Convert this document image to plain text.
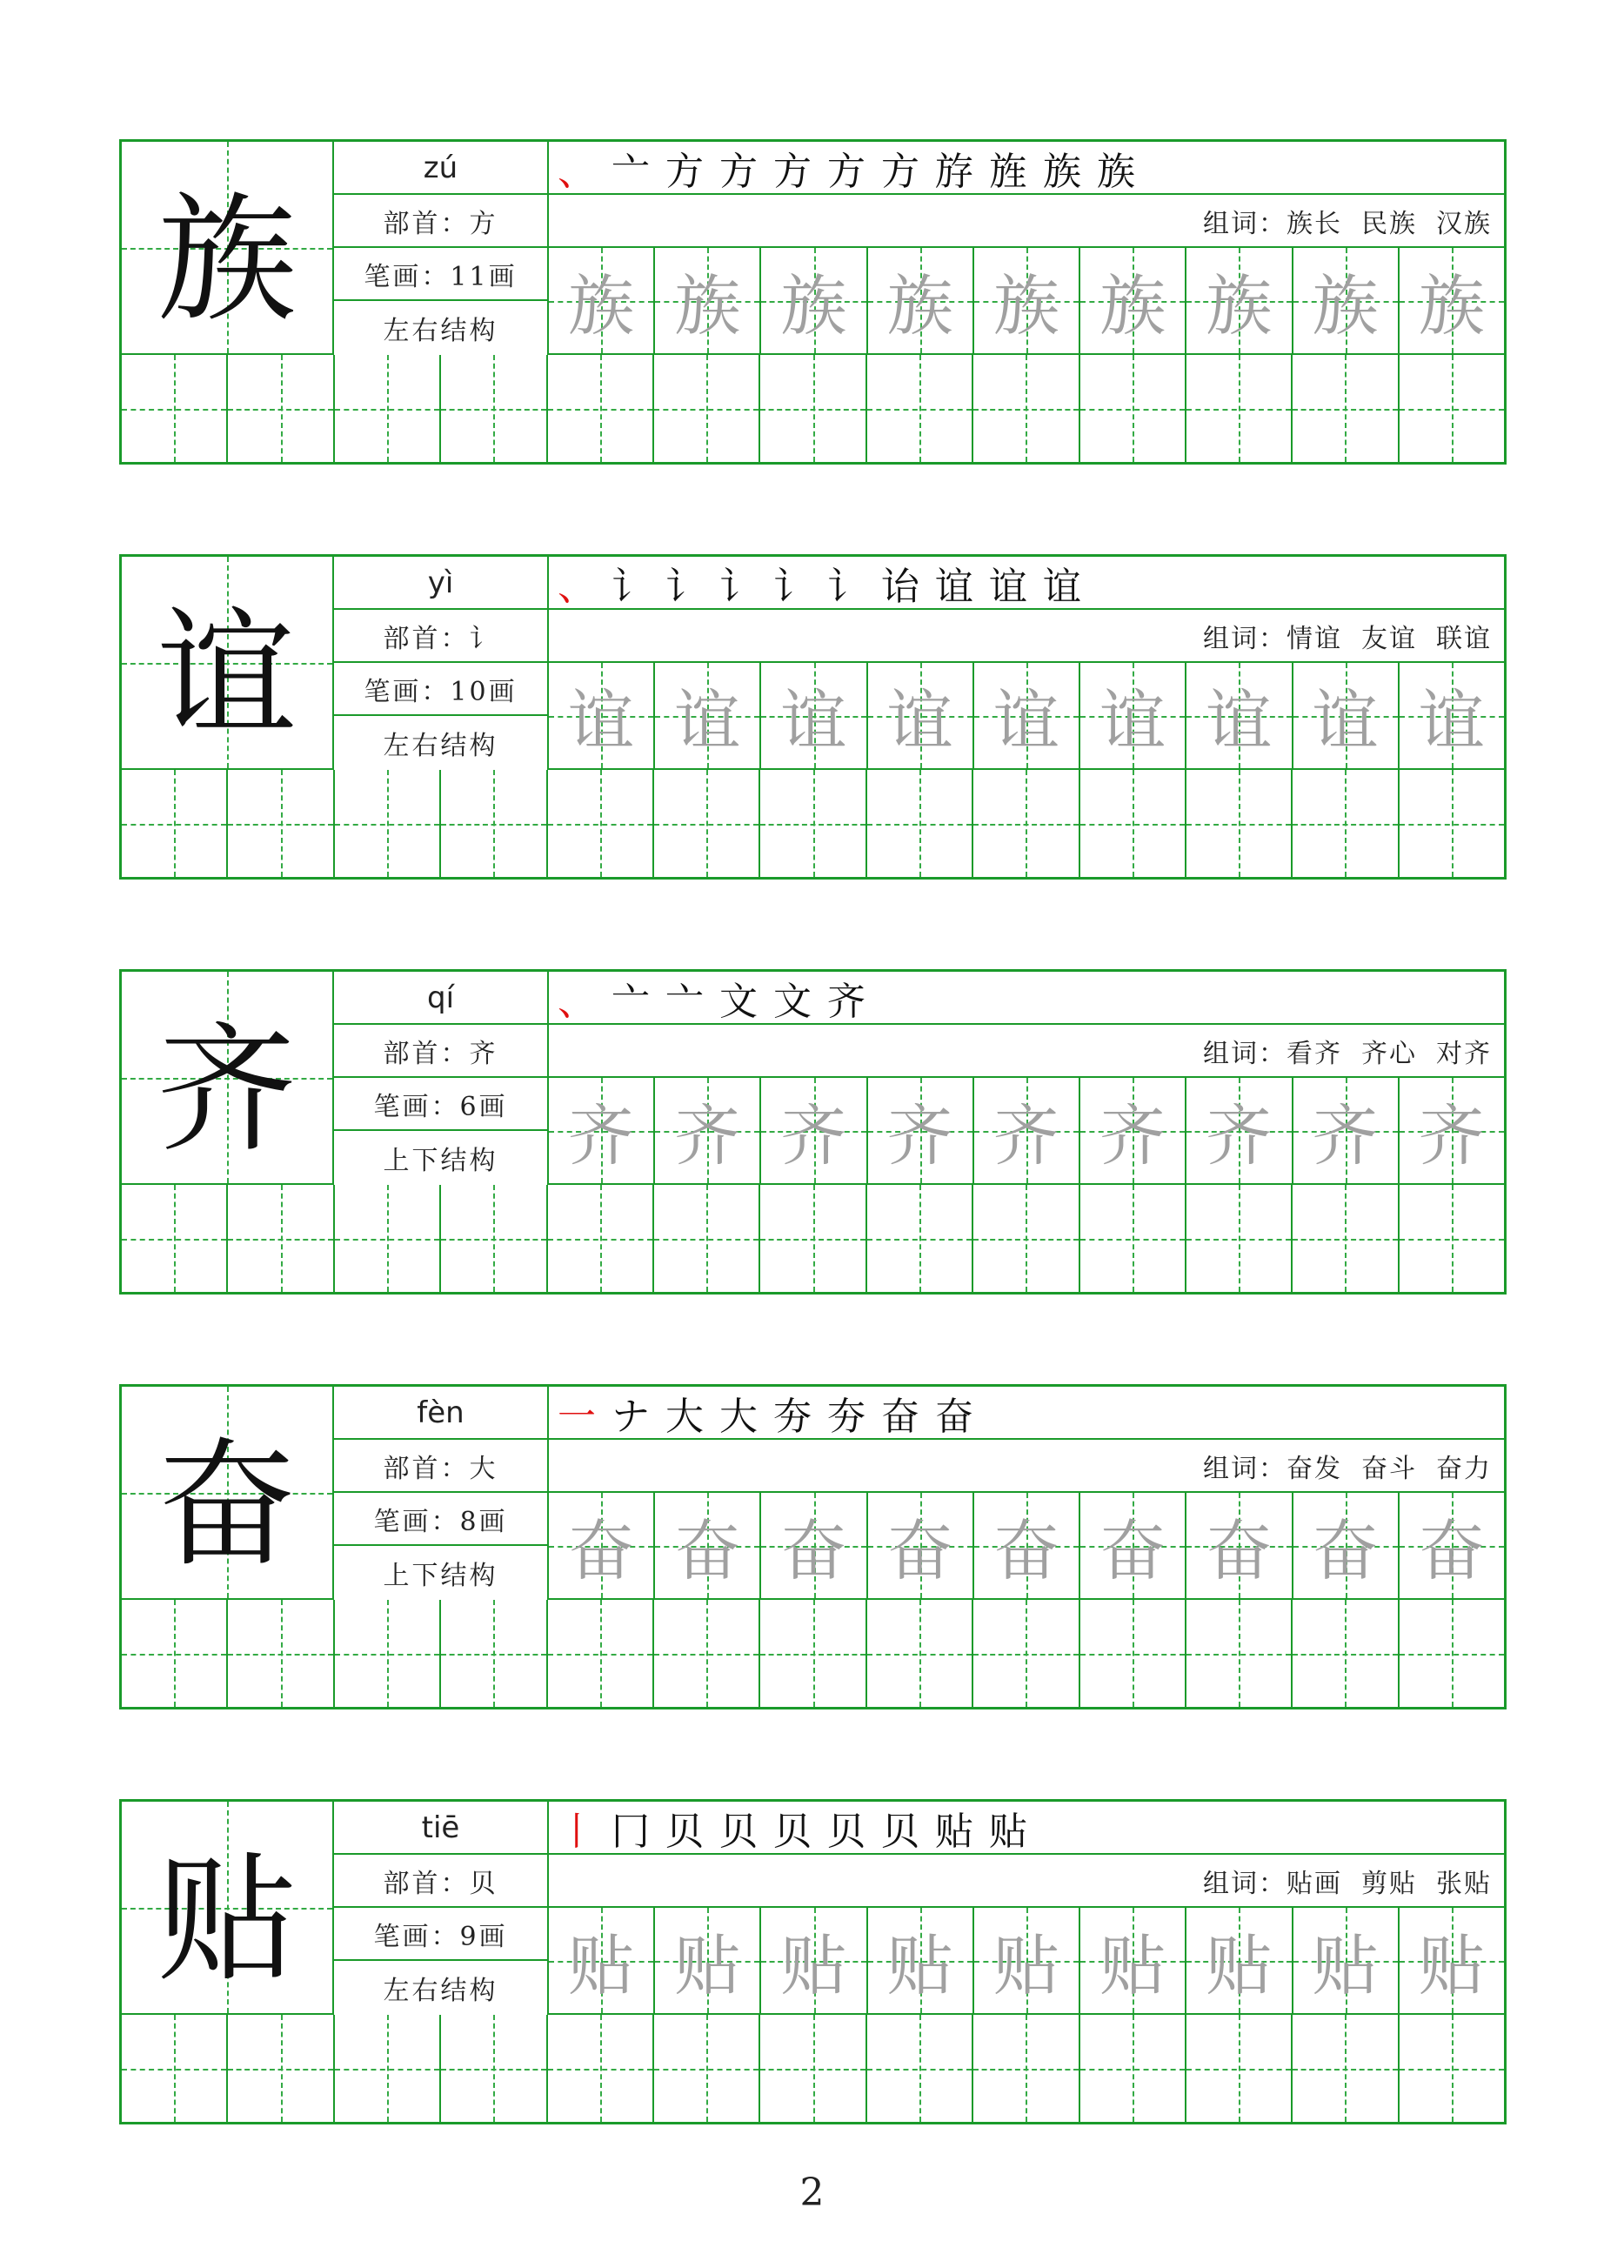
族
zú
部首：方
笔画：11画
左右结构
、 亠 方 方 方 方 方 斿 旌 族 族
组词： 族长 民族 汉族
族 族 族 族 族 族 族 族 族
谊
yì
部首：讠
笔画：10画
左右结构
、 讠 讠 讠 讠 讠 诒 谊 谊 谊
组词： 情谊 友谊 联谊
谊 谊 谊 谊 谊 谊 谊 谊 谊
齐
qí
部首：齐
笔画：6画
上下结构
、 亠 亠 文 文 齐
组词： 看齐 齐心 对齐
齐 齐 齐 齐 齐 齐 齐 齐 齐
奋
fèn
部首：大
笔画：8画
上下结构
一 ナ 大 大 夯 夯 奋 奋
组词： 奋发 奋斗 奋力
奋 奋 奋 奋 奋 奋 奋 奋 奋
贴
tiē
部首：贝
笔画：9画
左右结构
丨 冂 贝 贝 贝 贝 贝 贴 贴
组词： 贴画 剪贴 张贴
贴 贴 贴 贴 贴 贴 贴 贴 贴
2
